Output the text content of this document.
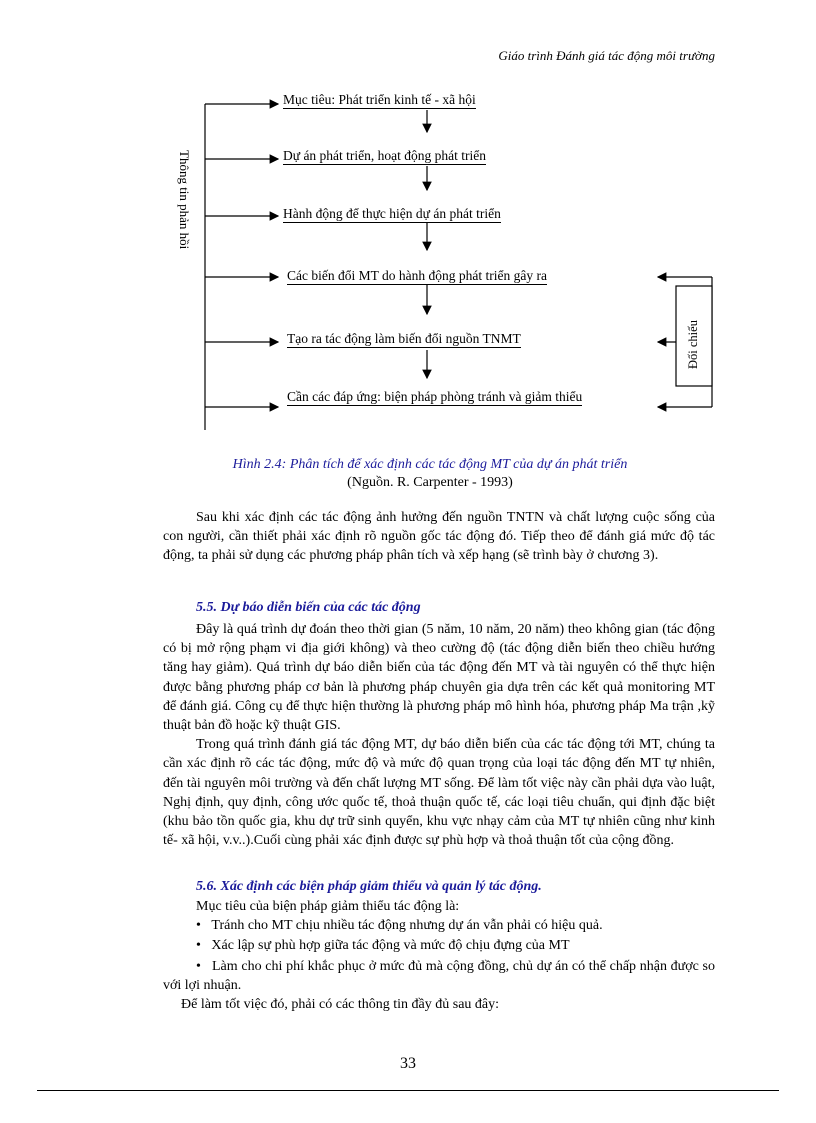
Giáo trình Đánh giá tác động môi trường
Mục tiêu: Phát triển kinh tế - xã hội
Dự án phát triển, hoạt động phát triển
Hành động để thực hiện dự án phát triển
Các biến đổi MT do hành động phát triển gây ra
Tạo ra tác động làm biến đổi nguồn TNMT
Cần các đáp ứng: biện pháp phòng tránh và giảm thiểu
Thông tin phản hồi
Đối chiếu
Hình 2.4: Phân tích để xác định các tác động MT của dự án phát triển
(Nguồn. R. Carpenter - 1993)
Sau khi xác định các tác động ảnh hưởng đến nguồn TNTN và chất lượng cuộc sống của con người, cần thiết phải xác định rõ nguồn gốc tác động đó. Tiếp theo để đánh giá mức độ tác động, ta phải sử dụng các phương pháp phân tích và xếp hạng (sẽ trình bày ở chương 3).
5.5. Dự báo diễn biến của các tác động
Đây là quá trình dự đoán theo thời gian (5 năm, 10 năm, 20 năm) theo không gian (tác động có bị mở rộng phạm vi địa giới không) và theo cường độ (tác động diễn biến theo chiều hướng tăng hay giảm). Quá trình dự báo diễn biến của tác động đến MT và tài nguyên có thể thực hiện được bằng phương pháp cơ bản là phương pháp chuyên gia dựa trên các kết quả monitoring MT để đánh giá. Công cụ để thực hiện thường là phương pháp mô hình hóa, phương pháp Ma trận ,kỹ thuật bản đồ hoặc kỹ thuật GIS.
Trong quá trình đánh giá tác động MT, dự báo diễn biến của các tác động tới MT, chúng ta cần xác định rõ các tác động, mức độ và mức độ quan trọng của loại tác động đến MT tự nhiên, đến tài nguyên môi trường và đến chất lượng MT sống. Để làm tốt việc này cần phải dựa vào luật, Nghị định, quy định, công ước quốc tế, thoả thuận quốc tế, các loại tiêu chuẩn, qui định đặc biệt (khu bảo tồn quốc gia, khu dự trữ sinh quyển, khu vực nhạy cảm của MT tự nhiên cũng như kinh tế- xã hội, v.v..).Cuối cùng phải xác định được sự phù hợp và thoả thuận tốt của cộng đồng.
5.6. Xác định các biện pháp giảm thiểu và quản lý tác động.
Mục tiêu của biện pháp giảm thiểu tác động là:
•   Tránh cho MT chịu nhiều tác động nhưng dự án vẫn phải có hiệu quả.
•   Xác lập sự phù hợp giữa tác động và mức độ chịu đựng của MT
•   Làm cho chi phí khắc phục ở mức đủ mà cộng đồng, chủ dự án có thể chấp nhận được so với lợi nhuận.
Để làm tốt việc đó, phải có các thông tin đầy đủ sau đây:
33
